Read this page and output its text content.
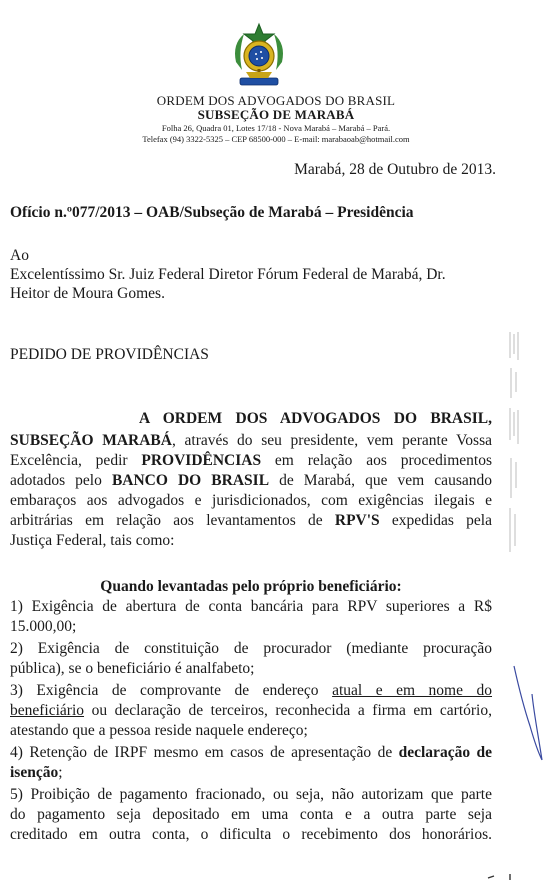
ORDEM DOS ADVOGADOS DO BRASIL
SUBSEÇÃO DE MARABÁ
Folha 26, Quadra 01, Lotes 17/18 - Nova Marabá – Marabá – Pará.
Telefax (94) 3322-5325 – CEP 68500-000 – E-mail: marabaoab@hotmail.com
Marabá, 28 de Outubro de 2013.
Ofício n.º077/2013 – OAB/Subseção de Marabá – Presidência
Ao
Excelentíssimo Sr. Juiz Federal Diretor Fórum Federal de Marabá, Dr.
Heitor de Moura Gomes.
PEDIDO DE PROVIDÊNCIAS
A ORDEM DOS ADVOGADOS DO BRASIL,
SUBSEÇÃO MARABÁ, através do seu presidente, vem perante Vossa
Excelência, pedir PROVIDÊNCIAS em relação aos procedimentos
adotados pelo BANCO DO BRASIL de Marabá, que vem causando
embaraços aos advogados e jurisdicionados, com exigências ilegais e
arbitrárias em relação aos levantamentos de RPV'S expedidas pela
Justiça Federal, tais como:
Quando levantadas pelo próprio beneficiário:
1) Exigência de abertura de conta bancária para RPV superiores a R$
15.000,00;
2) Exigência de constituição de procurador (mediante procuração
pública), se o beneficiário é analfabeto;
3) Exigência de comprovante de endereço atual e em nome do
beneficiário ou declaração de terceiros, reconhecida a firma em cartório,
atestando que a pessoa reside naquele endereço;
4) Retenção de IRPF mesmo em casos de apresentação de declaração de
isenção;
5) Proibição de pagamento fracionado, ou seja, não autorizam que parte
do pagamento seja depositado em uma conta e a outra parte seja
creditado em outra conta, o dificulta o recebimento dos honorários.
